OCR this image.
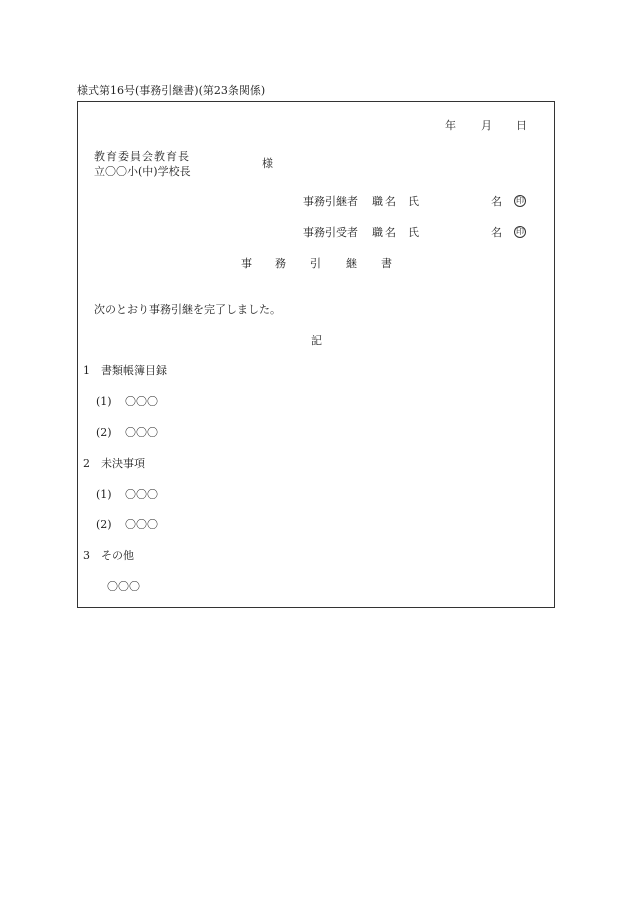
様式第16号(事務引継書)(第23条関係)
年 月 日
教育委員会教育長
立〇〇小(中)学校長
様
事務引継者 職名 氏	名 印
事務引受者 職名 氏	名 印
事 務 引 継 書
次のとおり事務引継を完了しました。
記
1 書類帳簿目録
(1) 〇〇〇
(2) 〇〇〇
2 未決事項
(1) 〇〇〇
(2) 〇〇〇
3 その他
〇〇〇
